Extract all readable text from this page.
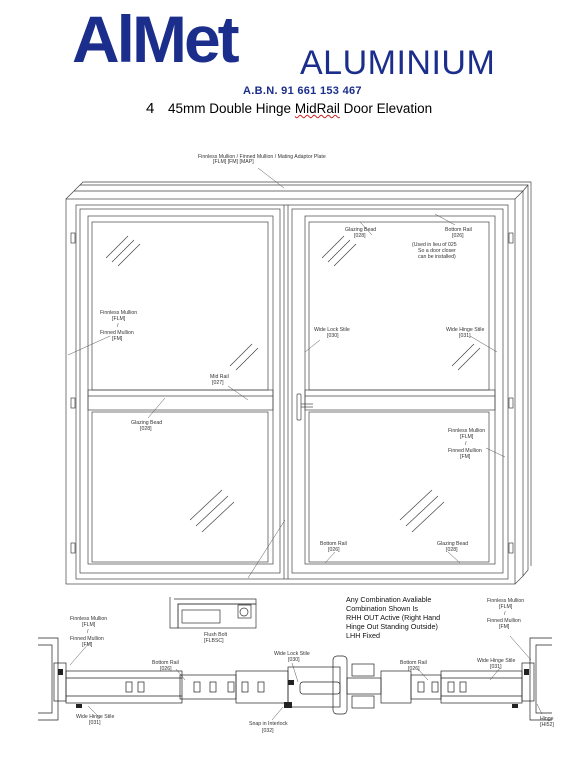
AlMet ALUMINIUM
A.B.N. 91 661 153 467
4 45mm Double Hinge MidRail Door Elevation
Finnless Mullion / Finned Mullion / Mating Adaptor Plate
[FLM] [FM] [MAP]
Glazing Bead
[028]
Bottom Rail
[026]
(Used in lieu of 025
So a door closer
can be installed)
Finnless Mullion
[FLM]
/
Finned Mullion
[FM]
Wide Lock Stile
[030]
Wide Hinge Stile
[031]
Mid Rail
[027]
Glazing Bead
[028]	Finnless Mullion
[FLM]
/
Finned Mullion
[FM]
Bottom Rail
[026]
Glazing Bead
[028]
Flush Bolt
[FLBSC]
Finnless Mullion
[FLM]
/
Finned Mullion
[FM]
Finnless Mullion
[FLM]
/
Finned Mullion
[FM]
Bottom Rail
[026]
Wide Lock Stile
[030]	Bottom Rail
[026]
Wide Hinge Stile
[031]
Wide Hinge Stile
[031]	Snap in Interlock
[032]
Hinge
[HI52]
Any Combination Avaliable
Combination Shown Is
RHH OUT Active (Right Hand
Hinge Out Standing Outside)
LHH Fixed
